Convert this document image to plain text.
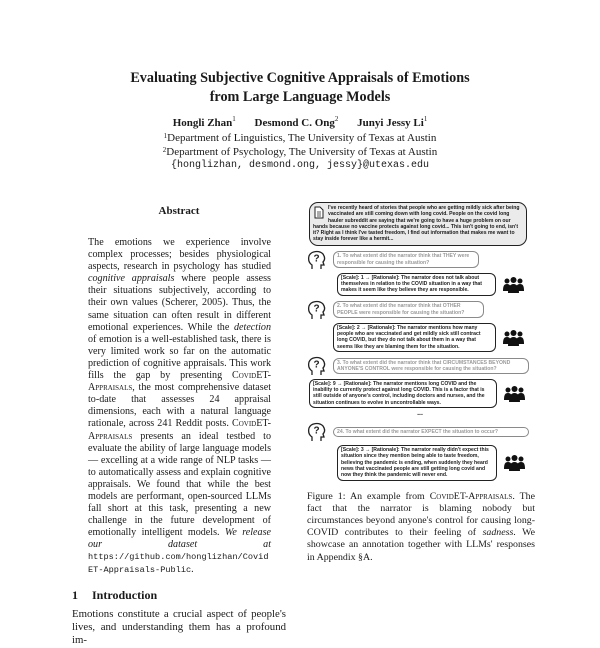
Evaluating Subjective Cognitive Appraisals of Emotions
from Large Language Models
Hongli Zhan$^1$ Desmond C. Ong$^2$ Junyi Jessy Li$^1$
$^1$Department of Linguistics, The University of Texas at Austin
$^2$Department of Psychology, The University of Texas at Austin
{honglizhan, desmond.ong, jessy}@utexas.edu
Abstract
The emotions we experience involve complex processes; besides physiological aspects, research in psychology has studied cognitive appraisals where people assess their situations subjectively, according to their own values (Scherer, 2005). Thus, the same situation can often result in different emotional experiences. While the detection of emotion is a well-established task, there is very limited work so far on the automatic prediction of cognitive appraisals. This work fills the gap by presenting CovidET-Appraisals, the most comprehensive dataset to-date that assesses 24 appraisal dimensions, each with a natural language rationale, across 241 Reddit posts. CovidET-Appraisals presents an ideal testbed to evaluate the ability of large language models — excelling at a wide range of NLP tasks — to automatically assess and explain cognitive appraisals. We found that while the best models are performant, open-sourced LLMs fall short at this task, presenting a new challenge in the future development of emotionally intelligent models. We release our dataset at https://github.com/honglizhan/CovidET-Appraisals-Public.
1 Introduction
Emotions constitute a crucial aspect of people's lives, and understanding them has a profound im-
I've recently heard of stories that people who are getting mildly sick after being vaccinated are still coming down with long covid. People on the covid long hauler subreddit are saying that we're going to have a huge problem on our hands because no vaccine protects against long covid... This isn't going to end, isn't it? Right as I think I've tasted freedom, I find out information that makes me want to stay inside forever like a hermit...
?	1. To what extent did the narrator think that THEY were responsible for causing the situation?
[Scale]: 1 → [Rationale]: The narrator does not talk about themselves in relation to the COVID situation in a way that makes it seem like they believe they are responsible.
?	2. To what extent did the narrator think that OTHER PEOPLE were responsible for causing the situation?
[Scale]: 2 → [Rationale]: The narrator mentions how many people who are vaccinated and get mildly sick still contract long COVID, but they do not talk about them in a way that seems like they are blaming them for the situation.
?	3. To what extent did the narrator think that CIRCUMSTANCES BEYOND ANYONE'S CONTROL were responsible for causing the situation?
[Scale]: 9 → [Rationale]: The narrator mentions long COVID and the inability to currently protect against long COVID. This is a factor that is still outside of anyone's control, including doctors and nurses, and the situation continues to evolve in uncontrollable ways.
...
?	24. To what extent did the narrator EXPECT the situation to occur?
[Scale]: 3 → [Rationale]: The narrator really didn't expect this situation since they mention being able to taste freedom, believing the pandemic is ending, when suddenly they heard news that vaccinated people are still getting long covid and now they think the pandemic will never end.
Figure 1: An example from CovidET-Appraisals. The fact that the narrator is blaming nobody but circumstances beyond anyone's control for causing long-COVID contributes to their feeling of sadness. We showcase an annotation together with LLMs' responses in Appendix §A.
